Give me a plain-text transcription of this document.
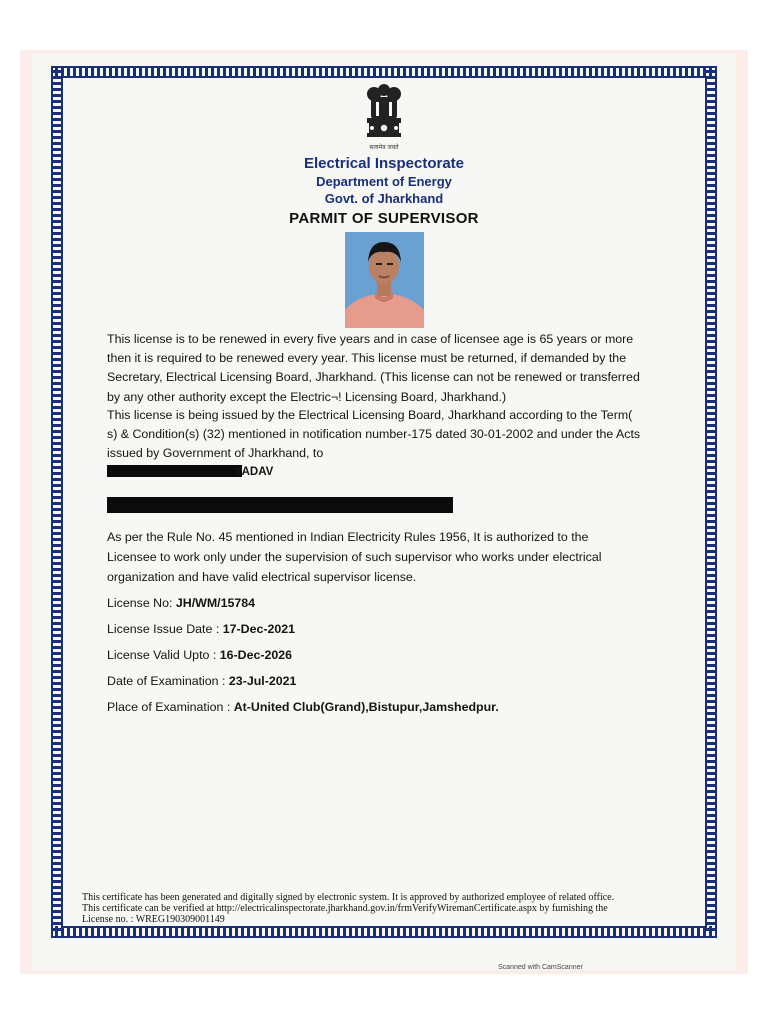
सत्यमेव जयते
Electrical Inspectorate
Department of Energy
Govt. of Jharkhand
PARMIT OF SUPERVISOR

This license is to be renewed in every five years and in case of licensee age is 65 years or more
then it is required to be renewed every year. This license must be returned, if demanded by the
Secretary, Electrical Licensing Board, Jharkhand. (This license can not be renewed or transferred
by any other authority except the Electric¬! Licensing Board, Jharkhand.)

This license is being issued by the Electrical Licensing Board, Jharkhand according to the Term(
s) & Condition(s) (32) mentioned in notification number-175 dated 30-01-2002 and under the Acts
issued by Government of Jharkhand, to

YADAV

As per the Rule No. 45 mentioned in Indian Electricity Rules 1956, It is authorized to the
Licensee to work only under the supervision of such supervisor who works under electrical
organization and have valid electrical supervisor license.

License No: JH/WM/15784
License Issue Date : 17-Dec-2021
License Valid Upto : 16-Dec-2026
Date of Examination : 23-Jul-2021
Place of Examination : At-United Club(Grand),Bistupur,Jamshedpur.

This certificate has been generated and digitally signed by electronic system. It is approved by authorized employee of related office.
This certificate can be verified at http://electricalinspectorate.jharkhand.gov.in/frmVerifyWiremanCertificate.aspx by furnishing the
License no. : WREG190309001149

Scanned with CamScanner
